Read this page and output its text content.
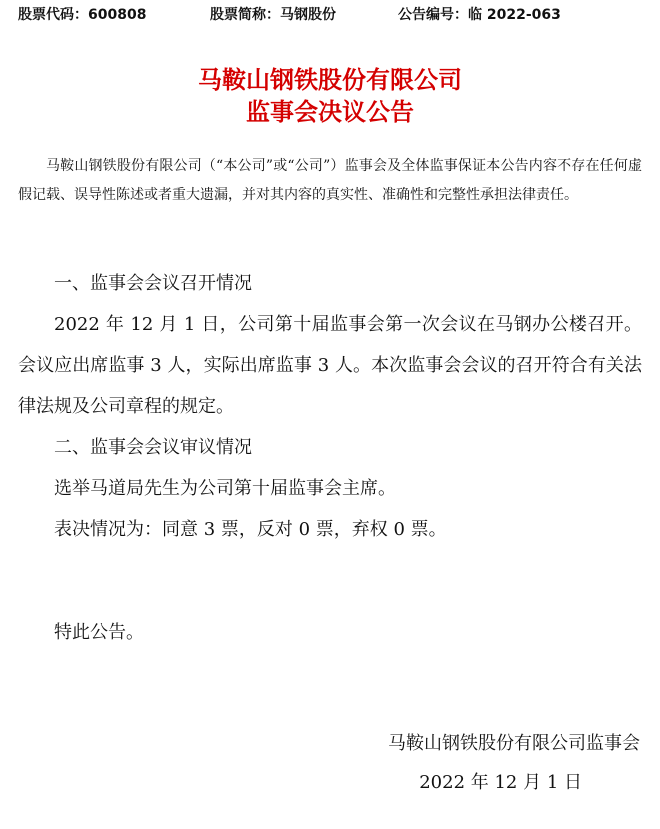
股票代码：600808	股票简称：马钢股份	公告编号：临 2022-063
马鞍山钢铁股份有限公司
监事会决议公告
马鞍山钢铁股份有限公司（“本公司”或“公司”）监事会及全体监事保证本公告内容不存在任何虚假记载、误导性陈述或者重大遗漏，并对其内容的真实性、准确性和完整性承担法律责任。

一、监事会会议召开情况

2022 年 12 月 1 日，公司第十届监事会第一次会议在马钢办公楼召开。会议应出席监事 3 人，实际出席监事 3 人。本次监事会会议的召开符合有关法律法规及公司章程的规定。

二、监事会会议审议情况

选举马道局先生为公司第十届监事会主席。

表决情况为：同意 3 票，反对 0 票，弃权 0 票。

特此公告。

马鞍山钢铁股份有限公司监事会
2022 年 12 月 1 日
